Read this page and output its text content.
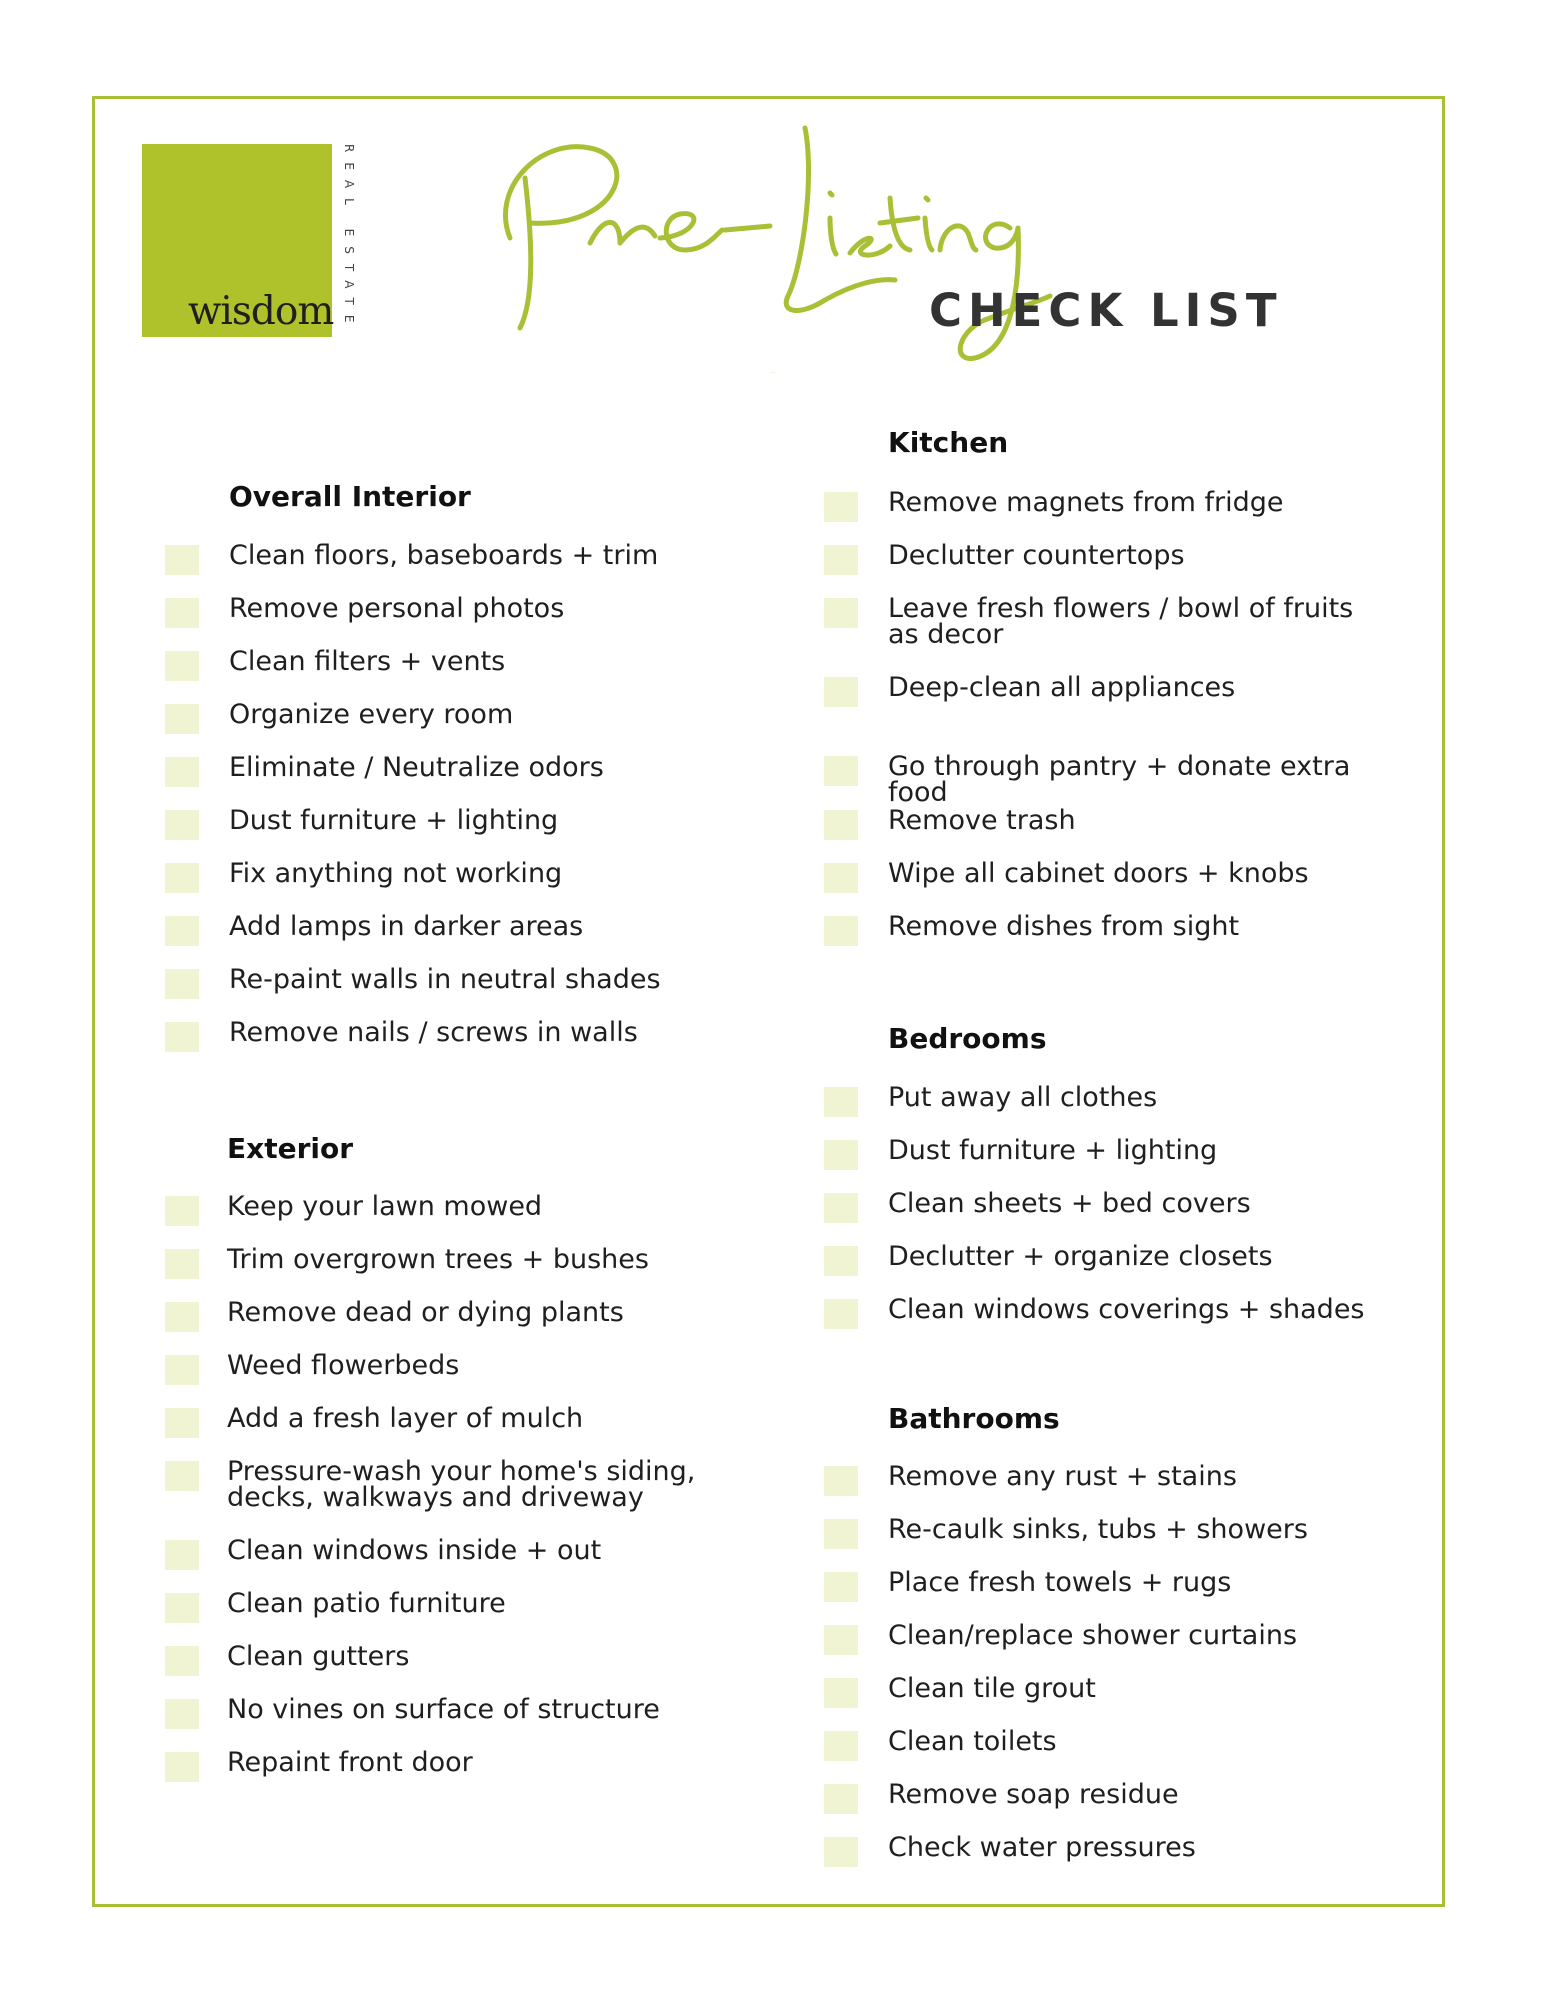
wisdom REAL ESTATE
Pre-Listing
CHECK LIST
Overall Interior
Clean floors, baseboards + trim
Remove personal photos
Clean filters + vents
Organize every room
Eliminate / Neutralize odors
Dust furniture + lighting
Fix anything not working
Add lamps in darker areas
Re-paint walls in neutral shades
Remove nails / screws in walls
Exterior
Keep your lawn mowed
Trim overgrown trees + bushes
Remove dead or dying plants
Weed flowerbeds
Add a fresh layer of mulch
Pressure-wash your home's siding,
decks, walkways and driveway
Clean windows inside + out
Clean patio furniture
Clean gutters
No vines on surface of structure
Repaint front door
Kitchen
Remove magnets from fridge
Declutter countertops
Leave fresh flowers / bowl of fruits
as decor
Deep-clean all appliances
Go through pantry + donate extra
food
Remove trash
Wipe all cabinet doors + knobs
Remove dishes from sight
Bedrooms
Put away all clothes
Dust furniture + lighting
Clean sheets + bed covers
Declutter + organize closets
Clean windows coverings + shades
Bathrooms
Remove any rust + stains
Re-caulk sinks, tubs + showers
Place fresh towels + rugs
Clean/replace shower curtains
Clean tile grout
Clean toilets
Remove soap residue
Check water pressures
